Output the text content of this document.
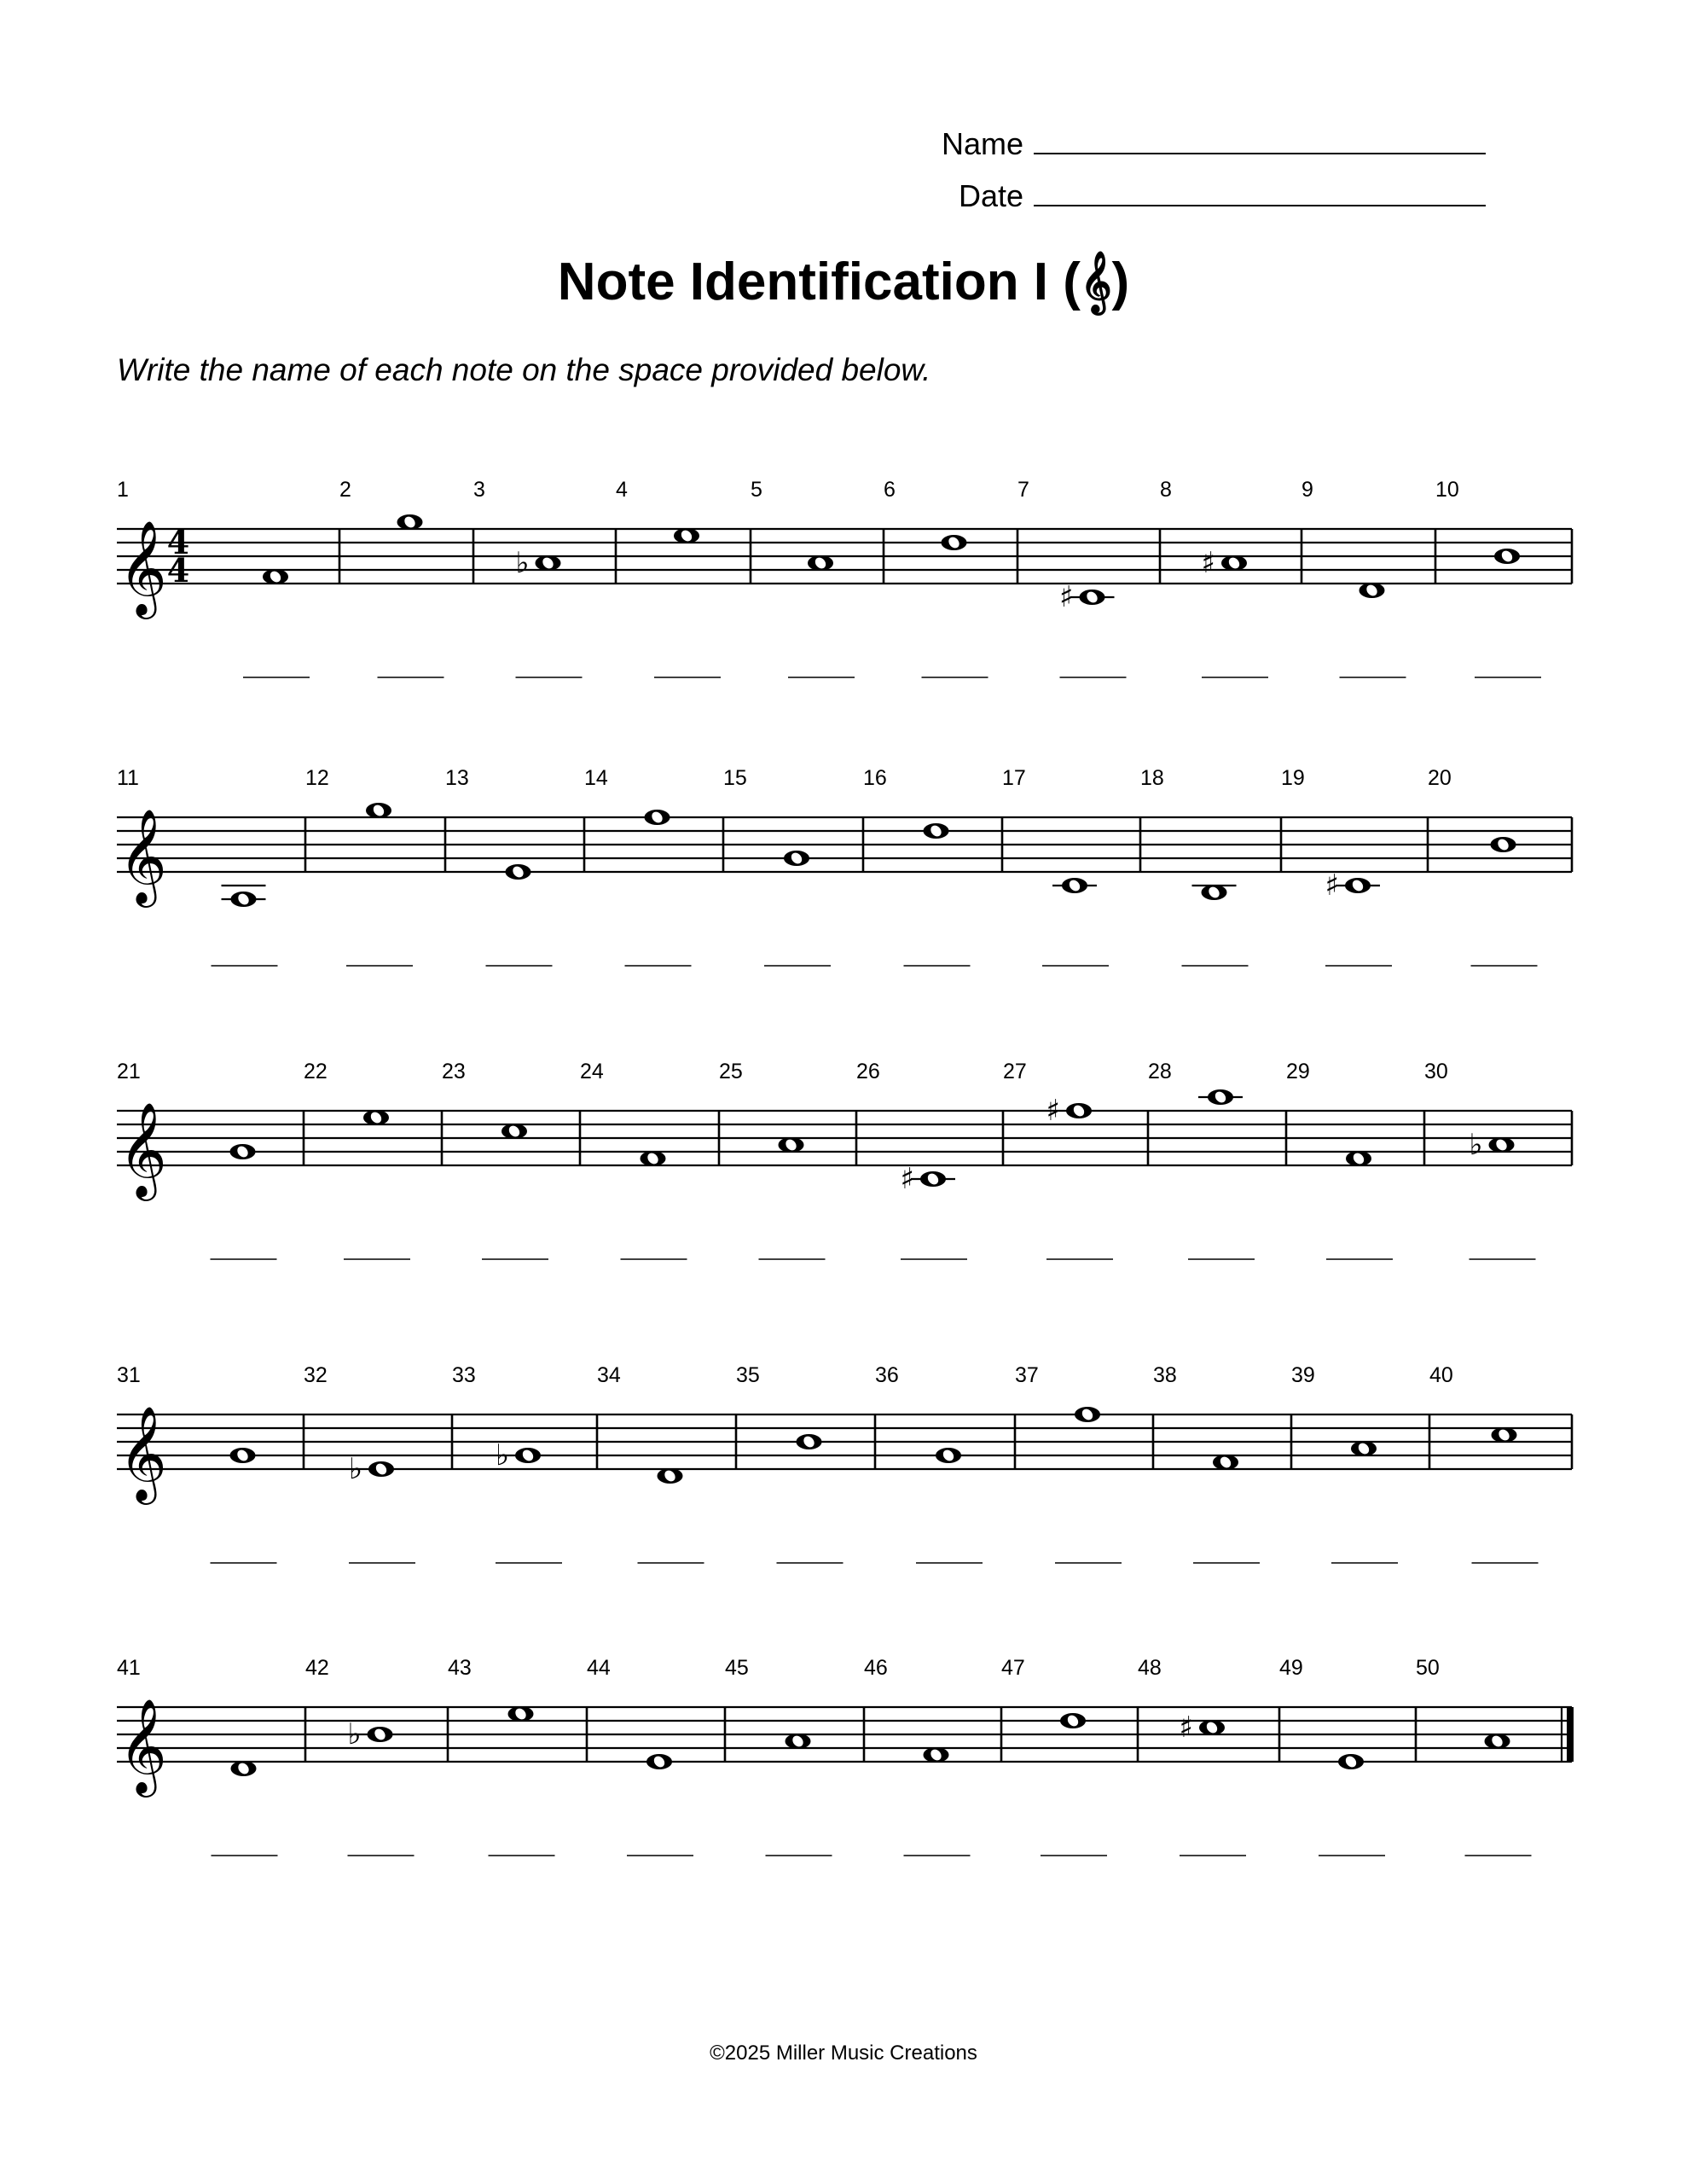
Name
Date
Note Identification I (𝄞)
Write the name of each note on the space provided below.
𝄞 4
4
1	2	3
♭
4	5	6	7
♯
8
♯
9	10
𝄞
11	12	13	14	15	16	17	18	19
♯
20
𝄞
21	22	23	24	25	26
♯
27
♯
28	29	30
♭
𝄞
31	32
♭
33
♭
34	35	36	37	38	39	40
𝄞
41	42
♭
43	44	45	46	47	48
♯
49	50
©2025 Miller Music Creations
